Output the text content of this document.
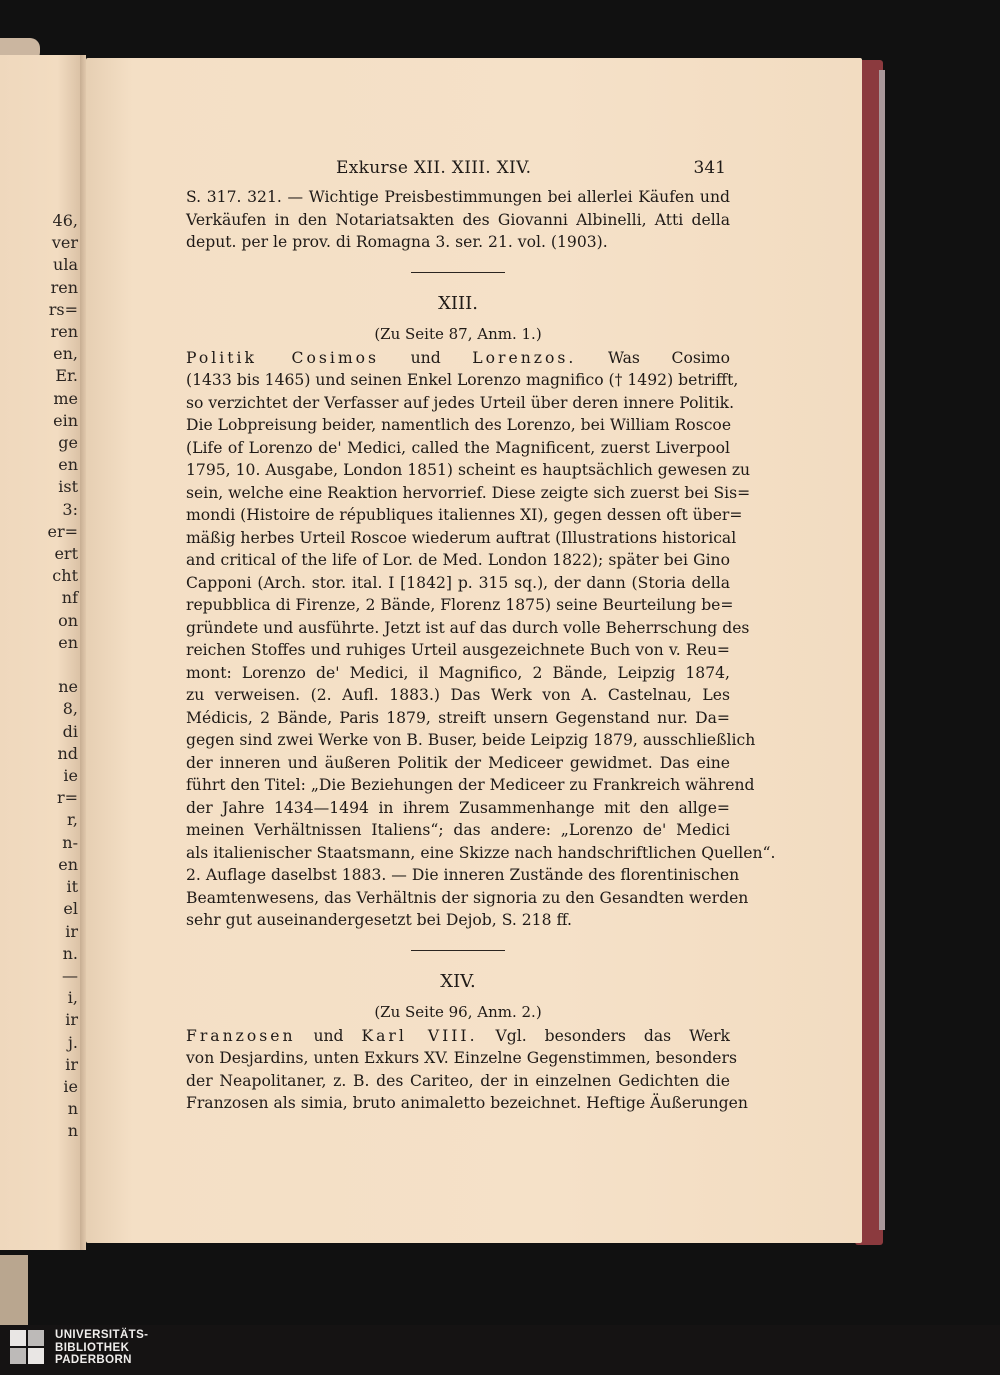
46,
ver
ula
ren
rs=
ren
en,
Er.
me
ein
ge
en
ist
3:
er=
ert
cht
nf
on
en

ne
8,
di
nd
ie
r=
r,
n-
en
it
el
ir
n.
—
i,
ir
j.
ir
ie
n
n
Exkurse XII. XIII. XIV.	341
S. 317. 321. — Wichtige Preisbestimmungen bei allerlei Käufen und
Verkäufen in den Notariatsakten des Giovanni Albinelli, Atti della
deput. per le prov. di Romagna 3. ser. 21. vol. (1903).
XIII.
(Zu Seite 87, Anm. 1.)
Politik Cosimos und Lorenzos. Was Cosimo
(1433 bis 1465) und seinen Enkel Lorenzo magnifico († 1492) betrifft,
so verzichtet der Verfasser auf jedes Urteil über deren innere Politik.
Die Lobpreisung beider, namentlich des Lorenzo, bei William Roscoe
(Life of Lorenzo de' Medici, called the Magnificent, zuerst Liverpool
1795, 10. Ausgabe, London 1851) scheint es hauptsächlich gewesen zu
sein, welche eine Reaktion hervorrief. Diese zeigte sich zuerst bei Sis=
mondi (Histoire de républiques italiennes XI), gegen dessen oft über=
mäßig herbes Urteil Roscoe wiederum auftrat (Illustrations historical
and critical of the life of Lor. de Med. London 1822); später bei Gino
Capponi (Arch. stor. ital. I [1842] p. 315 sq.), der dann (Storia della
repubblica di Firenze, 2 Bände, Florenz 1875) seine Beurteilung be=
gründete und ausführte. Jetzt ist auf das durch volle Beherrschung des
reichen Stoffes und ruhiges Urteil ausgezeichnete Buch von v. Reu=
mont: Lorenzo de' Medici, il Magnifico, 2 Bände, Leipzig 1874,
zu verweisen. (2. Aufl. 1883.) Das Werk von A. Castelnau, Les
Médicis, 2 Bände, Paris 1879, streift unsern Gegenstand nur. Da=
gegen sind zwei Werke von B. Buser, beide Leipzig 1879, ausschließlich
der inneren und äußeren Politik der Mediceer gewidmet. Das eine
führt den Titel: „Die Beziehungen der Mediceer zu Frankreich während
der Jahre 1434—1494 in ihrem Zusammenhange mit den allge=
meinen Verhältnissen Italiens“; das andere: „Lorenzo de' Medici
als italienischer Staatsmann, eine Skizze nach handschriftlichen Quellen“.
2. Auflage daselbst 1883. — Die inneren Zustände des florentinischen
Beamtenwesens, das Verhältnis der signoria zu den Gesandten werden
sehr gut auseinandergesetzt bei Dejob, S. 218 ff.
XIV.
(Zu Seite 96, Anm. 2.)
Franzosen und Karl VIII. Vgl. besonders das Werk
von Desjardins, unten Exkurs XV. Einzelne Gegenstimmen, besonders
der Neapolitaner, z. B. des Cariteo, der in einzelnen Gedichten die
Franzosen als simia, bruto animaletto bezeichnet. Heftige Äußerungen
UNIVERSITÄTS-
BIBLIOTHEK
PADERBORN
